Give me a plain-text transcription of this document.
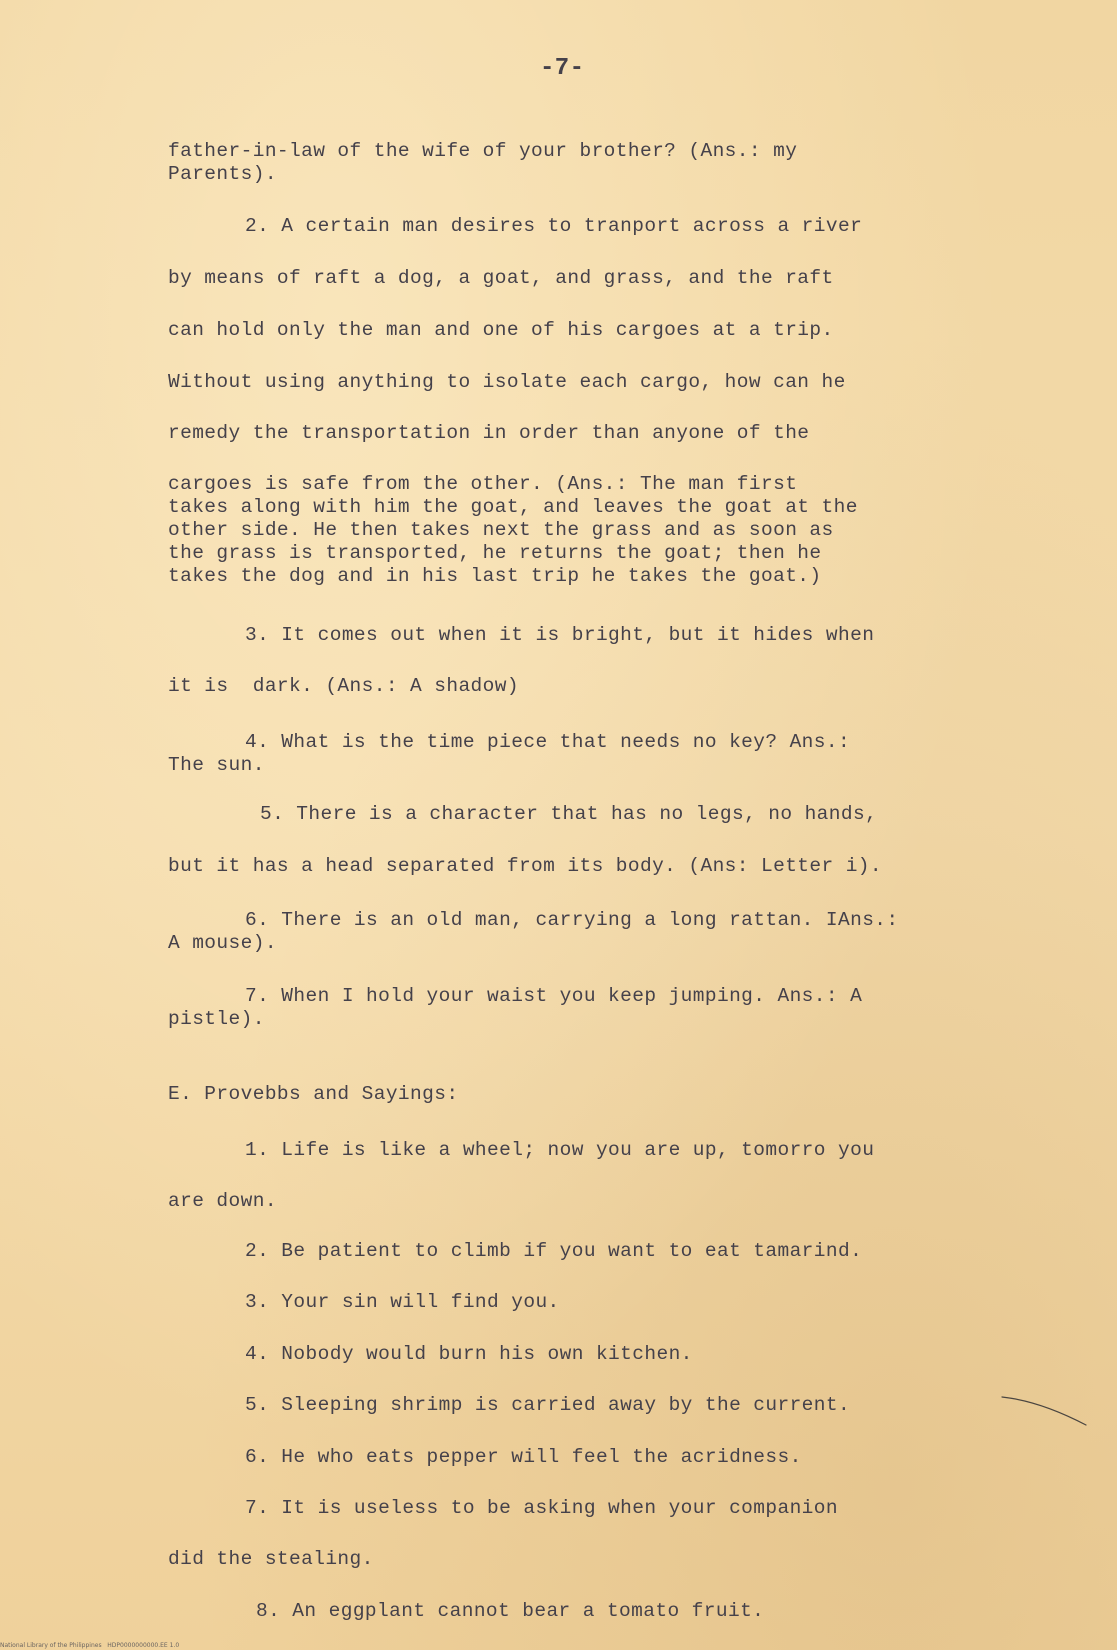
-7-
father-in-law of the wife of your brother? (Ans.: my
Parents).
2. A certain man desires to tranport across a river
by means of raft a dog, a goat, and grass, and the raft
can hold only the man and one of his cargoes at a trip.
Without using anything to isolate each cargo, how can he
remedy the transportation in order than anyone of the
cargoes is safe from the other. (Ans.: The man first
takes along with him the goat, and leaves the goat at the
other side. He then takes next the grass and as soon as
the grass is transported, he returns the goat; then he
takes the dog and in his last trip he takes the goat.)
3. It comes out when it is bright, but it hides when
it is  dark. (Ans.: A shadow)
4. What is the time piece that needs no key? Ans.:
The sun.
5. There is a character that has no legs, no hands,
but it has a head separated from its body. (Ans: Letter i).
6. There is an old man, carrying a long rattan. IAns.:
A mouse).
7. When I hold your waist you keep jumping. Ans.: A
pistle).
E. Provebbs and Sayings:
1. Life is like a wheel; now you are up, tomorro you
are down.
2. Be patient to climb if you want to eat tamarind.
3. Your sin will find you.
4. Nobody would burn his own kitchen.
5. Sleeping shrimp is carried away by the current.
6. He who eats pepper will feel the acridness.
7. It is useless to be asking when your companion
did the stealing.
8. An eggplant cannot bear a tomato fruit.
National Library of the Philippines   HDP0000000000.EE 1.0
